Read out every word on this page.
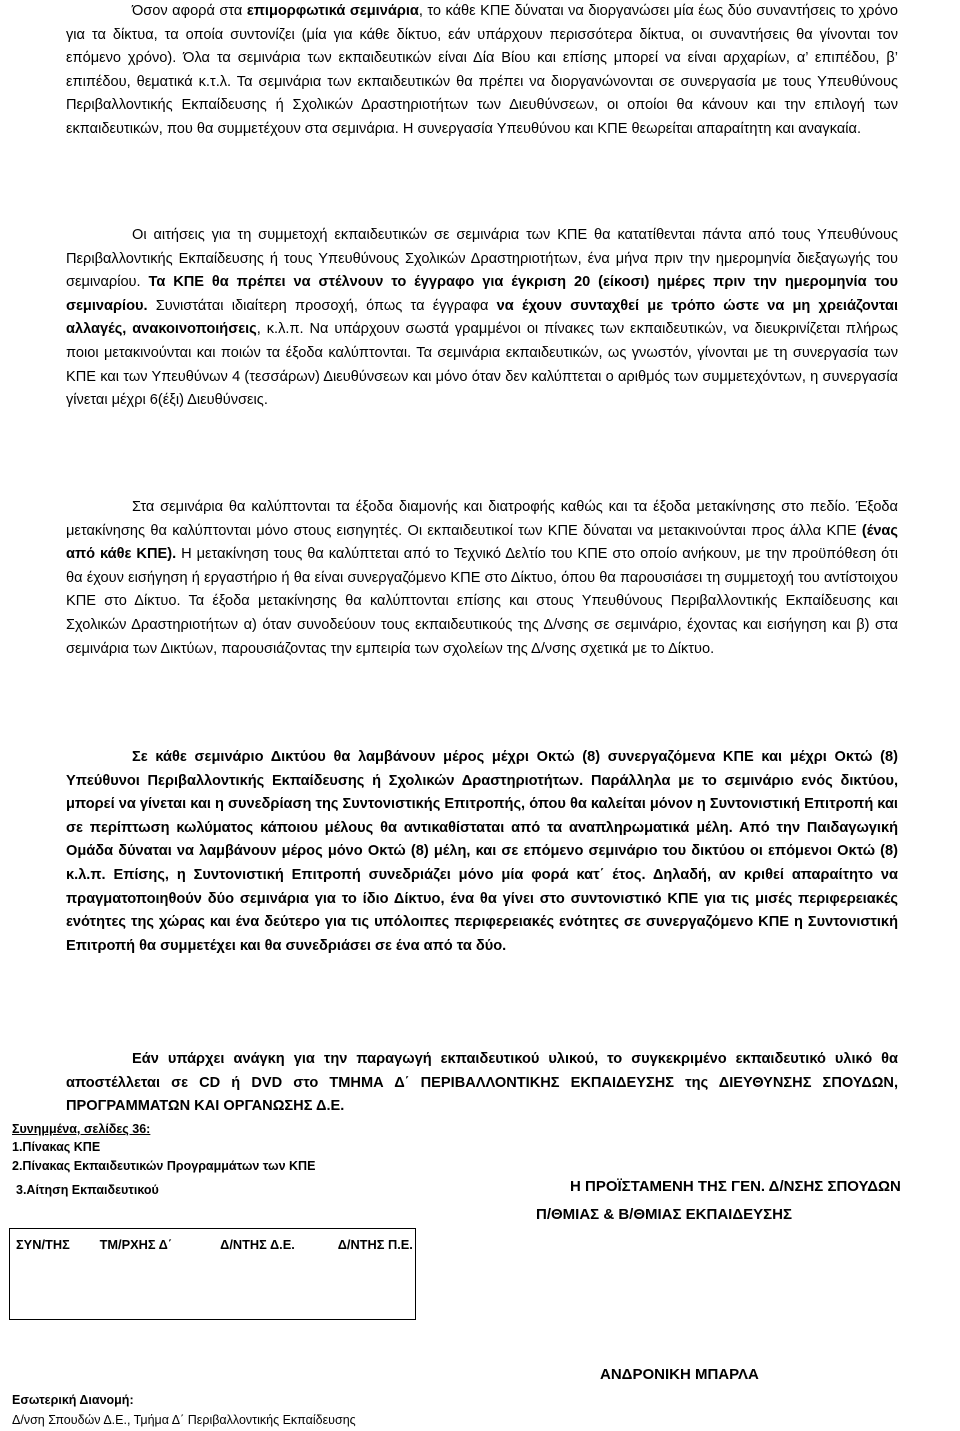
Όσον αφορά στα επιμορφωτικά σεμινάρια, το κάθε ΚΠΕ δύναται να διοργανώσει μία έως δύο συναντήσεις το χρόνο για τα δίκτυα, τα οποία συντονίζει (μία για κάθε δίκτυο, εάν υπάρχουν περισσότερα δίκτυα, οι συναντήσεις θα γίνονται τον επόμενο χρόνο). Όλα τα σεμινάρια των εκπαιδευτικών είναι Δία Βίου και επίσης μπορεί να είναι αρχαρίων, α’ επιπέδου, β’ επιπέδου, θεματικά κ.τ.λ. Τα σεμινάρια των εκπαιδευτικών θα πρέπει να διοργανώνονται σε συνεργασία με τους Υπευθύνους Περιβαλλοντικής Εκπαίδευσης ή Σχολικών Δραστηριοτήτων των Διευθύνσεων, οι οποίοι θα κάνουν και την επιλογή των εκπαιδευτικών, που θα συμμετέχουν στα σεμινάρια. Η συνεργασία Υπευθύνου και ΚΠΕ θεωρείται απαραίτητη και αναγκαία.
Οι αιτήσεις για τη συμμετοχή εκπαιδευτικών σε σεμινάρια των ΚΠΕ θα κατατίθενται πάντα από τους Υπευθύνους Περιβαλλοντικής Εκπαίδευσης ή τους Υπευθύνους Σχολικών Δραστηριοτήτων, ένα μήνα πριν την ημερομηνία διεξαγωγής του σεμιναρίου. Τα ΚΠΕ θα πρέπει να στέλνουν το έγγραφο για έγκριση 20 (είκοσι) ημέρες πριν την ημερομηνία του σεμιναρίου. Συνιστάται ιδιαίτερη προσοχή, όπως τα έγγραφα να έχουν συνταχθεί με τρόπο ώστε να μη χρειάζονται αλλαγές, ανακοινοποιήσεις, κ.λ.π. Να υπάρχουν σωστά γραμμένοι οι πίνακες των εκπαιδευτικών, να διευκρινίζεται πλήρως ποιοι μετακινούνται και ποιών τα έξοδα καλύπτονται. Τα σεμινάρια εκπαιδευτικών, ως γνωστόν, γίνονται με τη συνεργασία των ΚΠΕ και των Υπευθύνων 4 (τεσσάρων) Διευθύνσεων και μόνο όταν δεν καλύπτεται ο αριθμός των συμμετεχόντων, η συνεργασία γίνεται μέχρι 6(έξι) Διευθύνσεις.
Στα σεμινάρια θα καλύπτονται τα έξοδα διαμονής και διατροφής καθώς και τα έξοδα μετακίνησης στο πεδίο. Έξοδα μετακίνησης θα καλύπτονται μόνο στους εισηγητές. Οι εκπαιδευτικοί των ΚΠΕ δύναται να μετακινούνται προς άλλα ΚΠΕ (ένας από κάθε ΚΠΕ). Η μετακίνηση τους θα καλύπτεται από το Τεχνικό Δελτίο του ΚΠΕ στο οποίο ανήκουν, με την προϋπόθεση ότι θα έχουν εισήγηση ή εργαστήριο ή θα είναι συνεργαζόμενο ΚΠΕ στο Δίκτυο, όπου θα παρουσιάσει τη συμμετοχή του αντίστοιχου ΚΠΕ στο Δίκτυο. Τα έξοδα μετακίνησης θα καλύπτονται επίσης και στους Υπευθύνους Περιβαλλοντικής Εκπαίδευσης και Σχολικών Δραστηριοτήτων α) όταν συνοδεύουν τους εκπαιδευτικούς της Δ/νσης σε σεμινάριο, έχοντας και εισήγηση και β) στα σεμινάρια των Δικτύων, παρουσιάζοντας την εμπειρία των σχολείων της Δ/νσης σχετικά με το Δίκτυο.
Σε κάθε σεμινάριο Δικτύου θα λαμβάνουν μέρος μέχρι Οκτώ (8) συνεργαζόμενα ΚΠΕ και μέχρι Οκτώ (8) Υπεύθυνοι Περιβαλλοντικής Εκπαίδευσης ή Σχολικών Δραστηριοτήτων. Παράλληλα με το σεμινάριο ενός δικτύου, μπορεί να γίνεται και η συνεδρίαση της Συντονιστικής Επιτροπής, όπου θα καλείται μόνον η Συντονιστική Επιτροπή και σε περίπτωση κωλύματος κάποιου μέλους θα αντικαθίσταται από τα αναπληρωματικά μέλη. Από την Παιδαγωγική Ομάδα δύναται να λαμβάνουν μέρος μόνο Οκτώ (8) μέλη, και σε επόμενο σεμινάριο του δικτύου οι επόμενοι Οκτώ (8) κ.λ.π. Επίσης, η Συντονιστική Επιτροπή συνεδριάζει μόνο μία φορά κατ΄ έτος. Δηλαδή, αν κριθεί απαραίτητο να πραγματοποιηθούν δύο σεμινάρια για το ίδιο Δίκτυο, ένα θα γίνει στο συντονιστικό ΚΠΕ για τις μισές περιφερειακές ενότητες της χώρας και ένα δεύτερο για τις υπόλοιπες περιφερειακές ενότητες σε συνεργαζόμενο ΚΠΕ η Συντονιστική Επιτροπή θα συμμετέχει και θα συνεδριάσει σε ένα από τα δύο.
Εάν υπάρχει ανάγκη για την παραγωγή εκπαιδευτικού υλικού, το συγκεκριμένο εκπαιδευτικό υλικό θα αποστέλλεται σε CD ή DVD στο ΤΜΗΜΑ Δ΄ ΠΕΡΙΒΑΛΛΟΝΤΙΚΗΣ ΕΚΠΑΙΔΕΥΣΗΣ της ΔΙΕΥΘΥΝΣΗΣ ΣΠΟΥΔΩΝ, ΠΡΟΓΡΑΜΜΑΤΩΝ ΚΑΙ ΟΡΓΑΝΩΣΗΣ Δ.Ε.
Συνημμένα, σελίδες 36:
1.Πίνακας ΚΠΕ
2.Πίνακας Εκπαιδευτικών Προγραμμάτων των ΚΠΕ
3.Αίτηση Εκπαιδευτικού	Η ΠΡΟΪΣΤΑΜΕΝΗ ΤΗΣ ΓΕΝ. Δ/ΝΣΗΣ ΣΠΟΥΔΩΝ
Π/ΘΜΙΑΣ & Β/ΘΜΙΑΣ ΕΚΠΑΙΔΕΥΣΗΣ
ΑΝΔΡΟΝΙΚΗ ΜΠΑΡΛΑ
ΣΥΝ/ΤΗΣ ΤΜ/ΡΧΗΣ Δ΄	Δ/ΝΤΗΣ Δ.Ε.	Δ/ΝΤΗΣ Π.Ε.
Εσωτερική Διανομή:
Δ/νση Σπουδών Δ.Ε., Τμήμα Δ΄ Περιβαλλοντικής Εκπαίδευσης
